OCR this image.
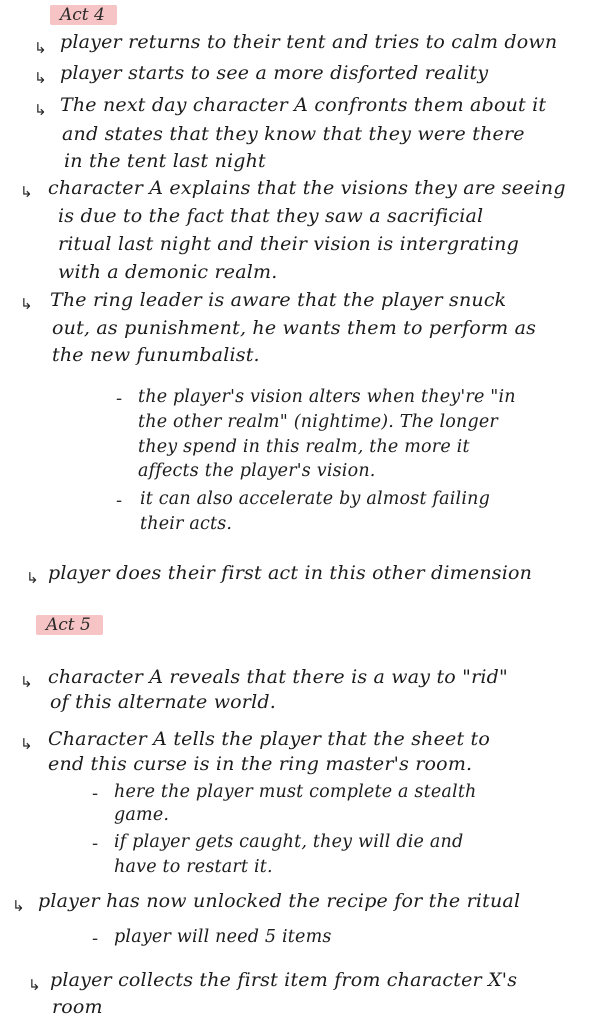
Act 4
↳ player returns to their tent and tries to calm down
↳ player starts to see a more disforted reality
↳ The next day character A confronts them about it
and states that they know that they were there
in the tent last night
↳ character A explains that the visions they are seeing
is due to the fact that they saw a sacrificial
ritual last night and their vision is intergrating
with a demonic realm.
↳ The ring leader is aware that the player snuck
out, as punishment, he wants them to perform as
the new funumbalist.
- the player's vision alters when they're "in
the other realm" (nightime). The longer
they spend in this realm, the more it
affects the player's vision.
- it can also accelerate by almost failing
their acts.
↳ player does their first act in this other dimension
Act 5
↳ character A reveals that there is a way to "rid"
of this alternate world.
↳ Character A tells the player that the sheet to
end this curse is in the ring master's room.
- here the player must complete a stealth
game.
- if player gets caught, they will die and
have to restart it.
↳ player has now unlocked the recipe for the ritual
- player will need 5 items
↳ player collects the first item from character X's
room
